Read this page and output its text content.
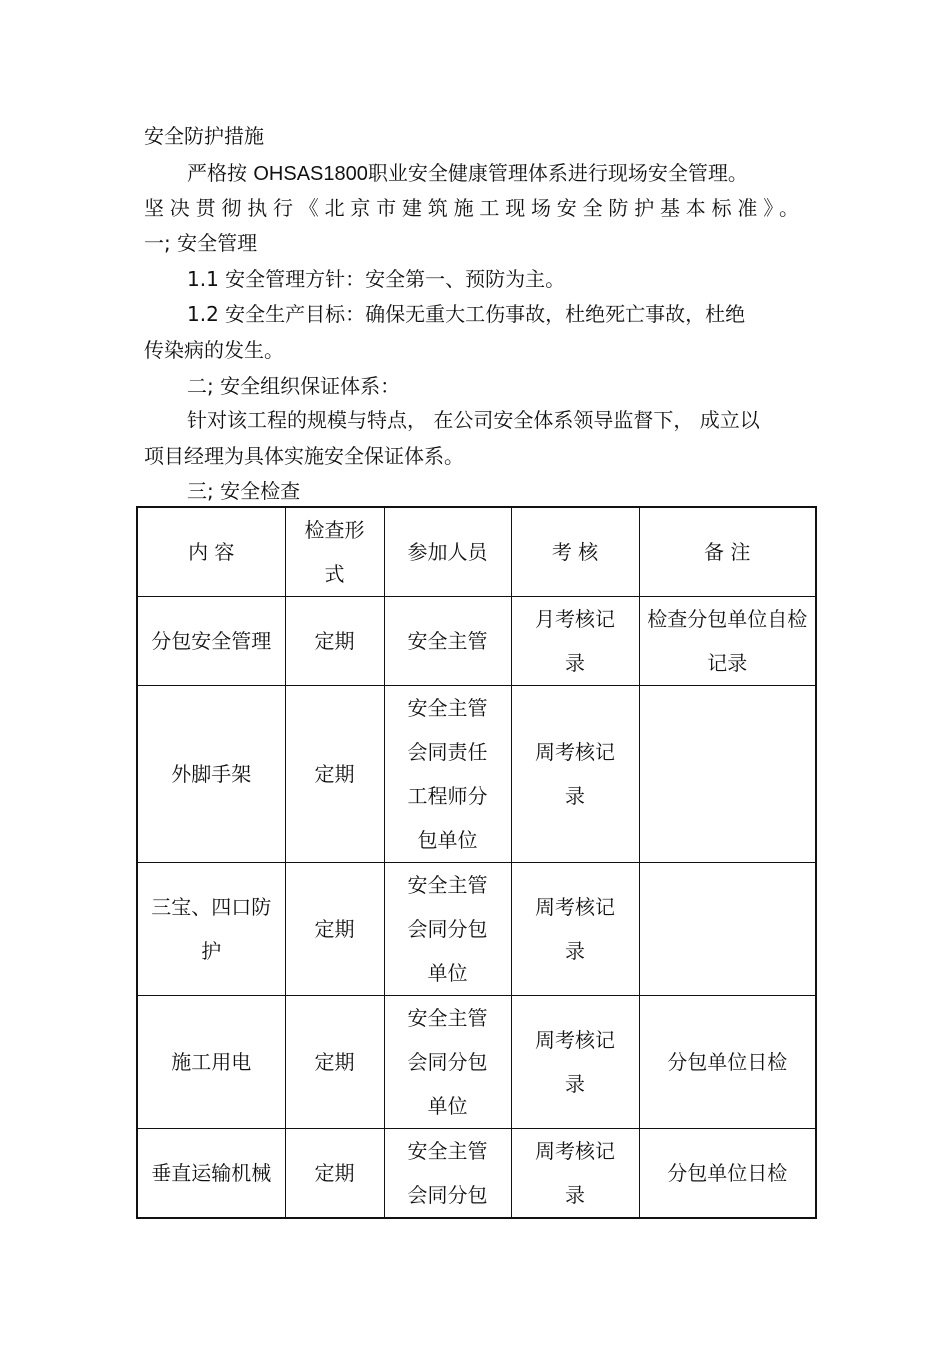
安全防护措施
严格按 OHSAS1800职业安全健康管理体系进行现场安全管理。
坚决贯彻执行《北京市建筑施工现场安全防护基本标准》。
一; 安全管理
1.1 安全管理方针：安全第一、预防为主。
1.2 安全生产目标：确保无重大工伤事故，杜绝死亡事故，杜绝
传染病的发生。
二; 安全组织保证体系：
针对该工程的规模与特点， 在公司安全体系领导监督下， 成立以
项目经理为具体实施安全保证体系。
三; 安全检查
内 容	检查形式	参加人员	考 核	备 注

分包安全管理	定期	安全主管	月考核记录	检查分包单位自检记录

外脚手架	定期	安全主管会同责任工程师分包单位	周考核记录	

三宝、四口防护	定期	安全主管会同分包单位	周考核记录	

施工用电	定期	安全主管会同分包单位	周考核记录	分包单位日检

垂直运输机械	定期	安全主管会同分包	周考核记录	分包单位日检
